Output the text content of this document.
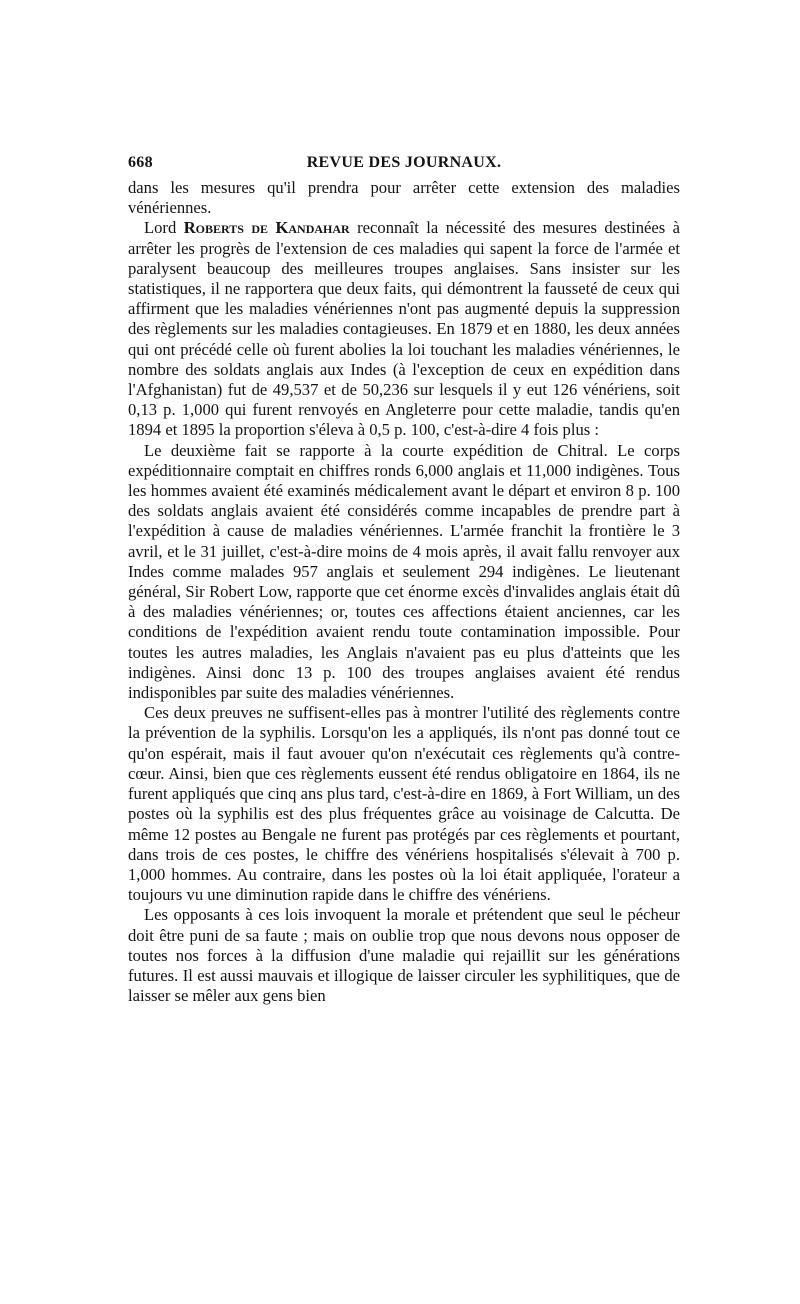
668	REVUE DES JOURNAUX.

dans les mesures qu'il prendra pour arrêter cette extension des maladies vénériennes.

Lord Roberts de Kandahar reconnaît la nécessité des mesures destinées à arrêter les progrès de l'extension de ces maladies qui sapent la force de l'armée et paralysent beaucoup des meilleures troupes anglaises. Sans insister sur les statistiques, il ne rapportera que deux faits, qui démontrent la fausseté de ceux qui affirment que les maladies vénériennes n'ont pas augmenté depuis la suppression des règlements sur les maladies contagieuses. En 1879 et en 1880, les deux années qui ont précédé celle où furent abolies la loi touchant les maladies vénériennes, le nombre des soldats anglais aux Indes (à l'exception de ceux en expédition dans l'Afghanistan) fut de 49,537 et de 50,236 sur lesquels il y eut 126 vénériens, soit 0,13 p. 1,000 qui furent renvoyés en Angleterre pour cette maladie, tandis qu'en 1894 et 1895 la proportion s'éleva à 0,5 p. 100, c'est-à-dire 4 fois plus :

Le deuxième fait se rapporte à la courte expédition de Chitral. Le corps expéditionnaire comptait en chiffres ronds 6,000 anglais et 11,000 indigènes. Tous les hommes avaient été examinés médicalement avant le départ et environ 8 p. 100 des soldats anglais avaient été considérés comme incapables de prendre part à l'expédition à cause de maladies vénériennes. L'armée franchit la frontière le 3 avril, et le 31 juillet, c'est-à-dire moins de 4 mois après, il avait fallu renvoyer aux Indes comme malades 957 anglais et seulement 294 indigènes. Le lieutenant général, Sir Robert Low, rapporte que cet énorme excès d'invalides anglais était dû à des maladies vénériennes; or, toutes ces affections étaient anciennes, car les conditions de l'expédition avaient rendu toute contamination impossible. Pour toutes les autres maladies, les Anglais n'avaient pas eu plus d'atteints que les indigènes. Ainsi donc 13 p. 100 des troupes anglaises avaient été rendus indisponibles par suite des maladies vénériennes.

Ces deux preuves ne suffisent-elles pas à montrer l'utilité des règlements contre la prévention de la syphilis. Lorsqu'on les a appliqués, ils n'ont pas donné tout ce qu'on espérait, mais il faut avouer qu'on n'exécutait ces règlements qu'à contre-cœur. Ainsi, bien que ces règlements eussent été rendus obligatoire en 1864, ils ne furent appliqués que cinq ans plus tard, c'est-à-dire en 1869, à Fort William, un des postes où la syphilis est des plus fréquentes grâce au voisinage de Calcutta. De même 12 postes au Bengale ne furent pas protégés par ces règlements et pourtant, dans trois de ces postes, le chiffre des vénériens hospitalisés s'élevait à 700 p. 1,000 hommes. Au contraire, dans les postes où la loi était appliquée, l'orateur a toujours vu une diminution rapide dans le chiffre des vénériens.

Les opposants à ces lois invoquent la morale et prétendent que seul le pécheur doit être puni de sa faute ; mais on oublie trop que nous devons nous opposer de toutes nos forces à la diffusion d'une maladie qui rejaillit sur les générations futures. Il est aussi mauvais et illogique de laisser circuler les syphilitiques, que de laisser se mêler aux gens bien
